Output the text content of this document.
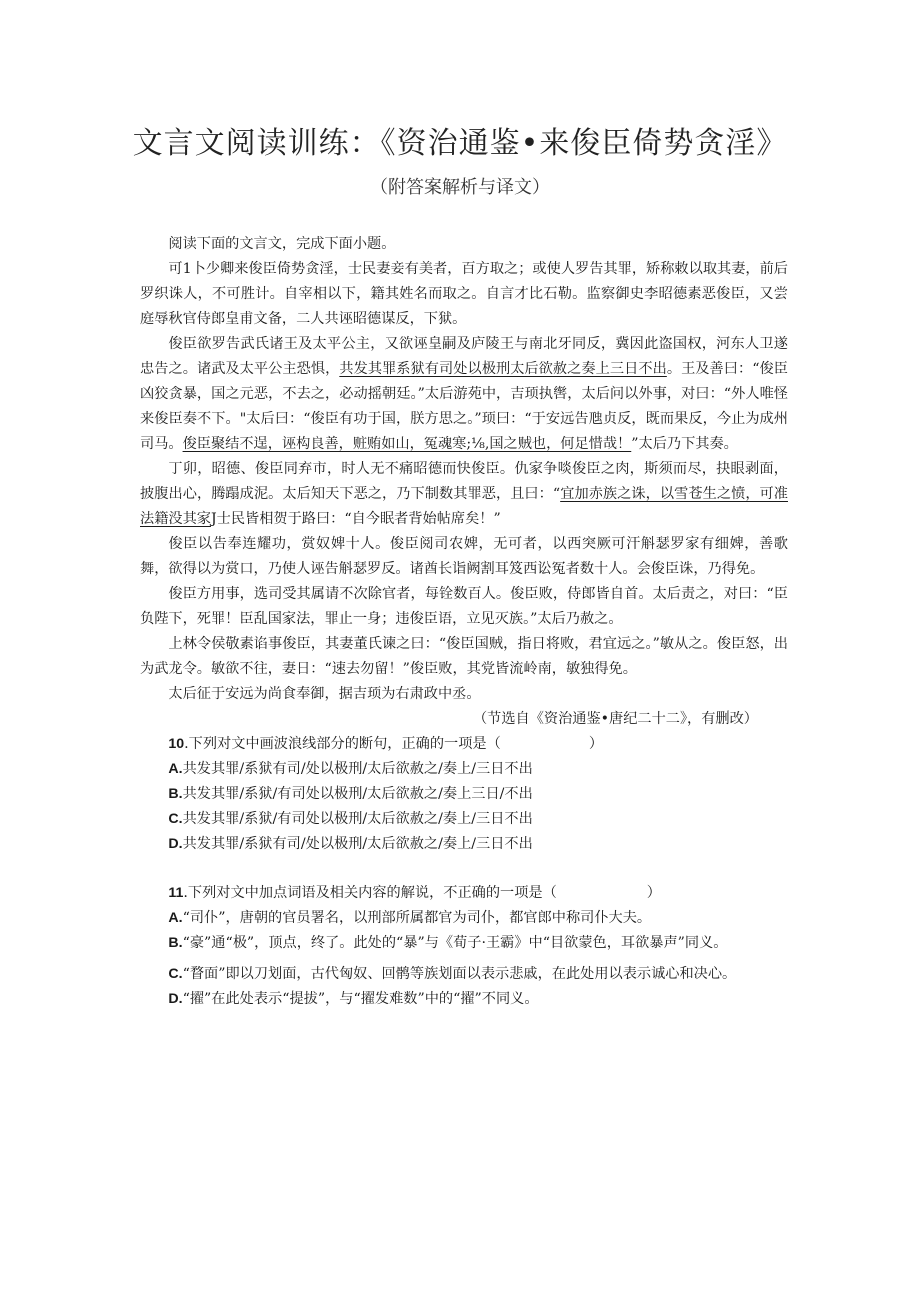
文言文阅读训练：《资治通鉴•来俊臣倚势贪淫》
（附答案解析与译文）

阅读下面的文言文，完成下面小题。

可1卜少卿来俊臣倚势贪淫，士民妻妾有美者，百方取之；或使人罗告其罪，矫称敕以取其妻，前后罗织诛人，不可胜计。自宰相以下，籍其姓名而取之。自言才比石勒。监察御史李昭德素恶俊臣，又尝庭辱秋官侍郎皇甫文备，二人共诬昭德谋反，下狱。

俊臣欲罗告武氏诸王及太平公主，又欲诬皇嗣及庐陵王与南北牙同反，冀因此盗国权，河东人卫遂忠告之。诸武及太平公主恐惧，共发其罪系狱有司处以极刑太后欲赦之奏上三日不出。王及善曰：“俊臣凶狡贪暴，国之元恶，不去之，必动摇朝廷。”太后游苑中，吉顼执辔，太后问以外事，对曰：“外人唯怪来俊臣奏不下。"太后曰：“俊臣有功于国，朕方思之。”顼曰：“于安远告虺贞反，既而果反，今止为成州司马。俊臣聚结不逞，诬构良善，赃贿如山，冤魂寒;⅛,国之贼也，何足惜哉！”太后乃下其奏。

丁卯，昭德、俊臣同弃市，时人无不痛昭德而快俊臣。仇家争啖俊臣之肉，斯须而尽，抉眼剥面，披腹出心，腾蹋成泥。太后知天下恶之，乃下制数其罪恶，且曰：“宜加赤族之诛，以雪苍生之愤，可准法籍没其家J士民皆相贺于路曰：“自今眠者背始帖席矣！”

俊臣以告奉连耀功，赏奴婢十人。俊臣阅司农婢，无可者，以西突厥可汗斛瑟罗家有细婢，善歌舞，欲得以为赏口，乃使人诬告斛瑟罗反。诸酋长诣阙割耳笈西讼冤者数十人。会俊臣诛，乃得免。

俊臣方用事，选司受其属请不次除官者，每铨数百人。俊臣败，侍郎皆自首。太后责之，对曰：“臣负陛下，死罪！臣乱国家法，罪止一身；违俊臣语，立见灭族。”太后乃赦之。

上林令侯敬素谄事俊臣，其妻董氏谏之曰：“俊臣国贼，指日将败，君宜远之。”敏从之。俊臣怒，出为武龙令。敏欲不往，妻日：“速去勿留！”俊臣败，其党皆流岭南，敏独得免。

太后征于安远为尚食奉御，据吉顼为右肃政中丞。

（节选自《资治通鉴•唐纪二十二》，有删改）

10.下列对文中画波浪线部分的断句，正确的一项是（	）

A.共发其罪/系狱有司/处以极刑/太后欲赦之/奏上/三日不出

B.共发其罪/系狱/有司处以极刑/太后欲赦之/奏上三日/不出

C.共发其罪/系狱/有司处以极刑/太后欲赦之/奏上/三日不出

D.共发其罪/系狱有司/处以极刑/太后欲赦之/奏上/三日不出

11.下列对文中加点词语及相关内容的解说，不正确的一项是（	）

A.“司仆”，唐朝的官员署名，以刑部所属都官为司仆，都官郎中称司仆大夫。

B.“豪”通“极”，顶点，终了。此处的“暴”与《荀子·王霸》中“目欲蒙色，耳欲暴声”同义。

C.“瞀面”即以刀划面，古代匈奴、回鹘等族划面以表示悲戚，在此处用以表示诚心和决心。

D.“擢”在此处表示“提拔”，与“擢发难数”中的“擢”不同义。
